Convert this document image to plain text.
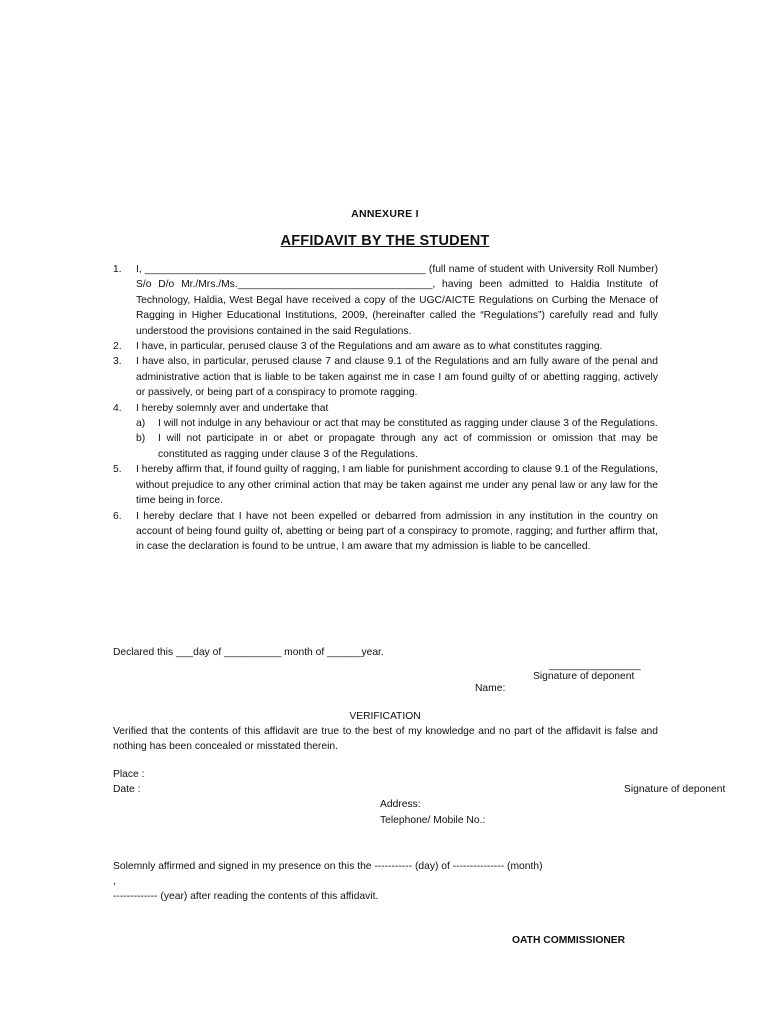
ANNEXURE I
AFFIDAVIT BY THE STUDENT
1. I, _________________________________________________ (full name of student with University Roll Number) S/o D/o Mr./Mrs./Ms.__________________________________, having been admitted to Haldia Institute of Technology, Haldia, West Begal have received a copy of the UGC/AICTE Regulations on Curbing the Menace of Ragging in Higher Educational Institutions, 2009, (hereinafter called the “Regulations”) carefully read and fully understood the provisions contained in the said Regulations.
2. I have, in particular, perused clause 3 of the Regulations and am aware as to what constitutes ragging.
3. I have also, in particular, perused clause 7 and clause 9.1 of the Regulations and am fully aware of the penal and administrative action that is liable to be taken against me in case I am found guilty of or abetting ragging, actively or passively, or being part of a conspiracy to promote ragging.
4. I hereby solemnly aver and undertake that
a) I will not indulge in any behaviour or act that may be constituted as ragging under clause 3 of the Regulations.
b) I will not participate in or abet or propagate through any act of commission or omission that may be constituted as ragging under clause 3 of the Regulations.
5. I hereby affirm that, if found guilty of ragging, I am liable for punishment according to clause 9.1 of the Regulations, without prejudice to any other criminal action that may be taken against me under any penal law or any law for the time being in force.
6. I hereby declare that I have not been expelled or debarred from admission in any institution in the country on account of being found guilty of, abetting or being part of a conspiracy to promote, ragging; and further affirm that, in case the declaration is found to be untrue, I am aware that my admission is liable to be cancelled.
Declared this ___day of __________ month of ______year.
________________
Signature of deponent
Name:
VERIFICATION
Verified that the contents of this affidavit are true to the best of my knowledge and no part of the affidavit is false and nothing has been concealed or misstated therein.
Place :
Date :	Signature of deponent
Address:
Telephone/ Mobile No.:
Solemnly affirmed and signed in my presence on this the ----------- (day) of --------------- (month)
,
------------- (year) after reading the contents of this affidavit.
OATH COMMISSIONER
